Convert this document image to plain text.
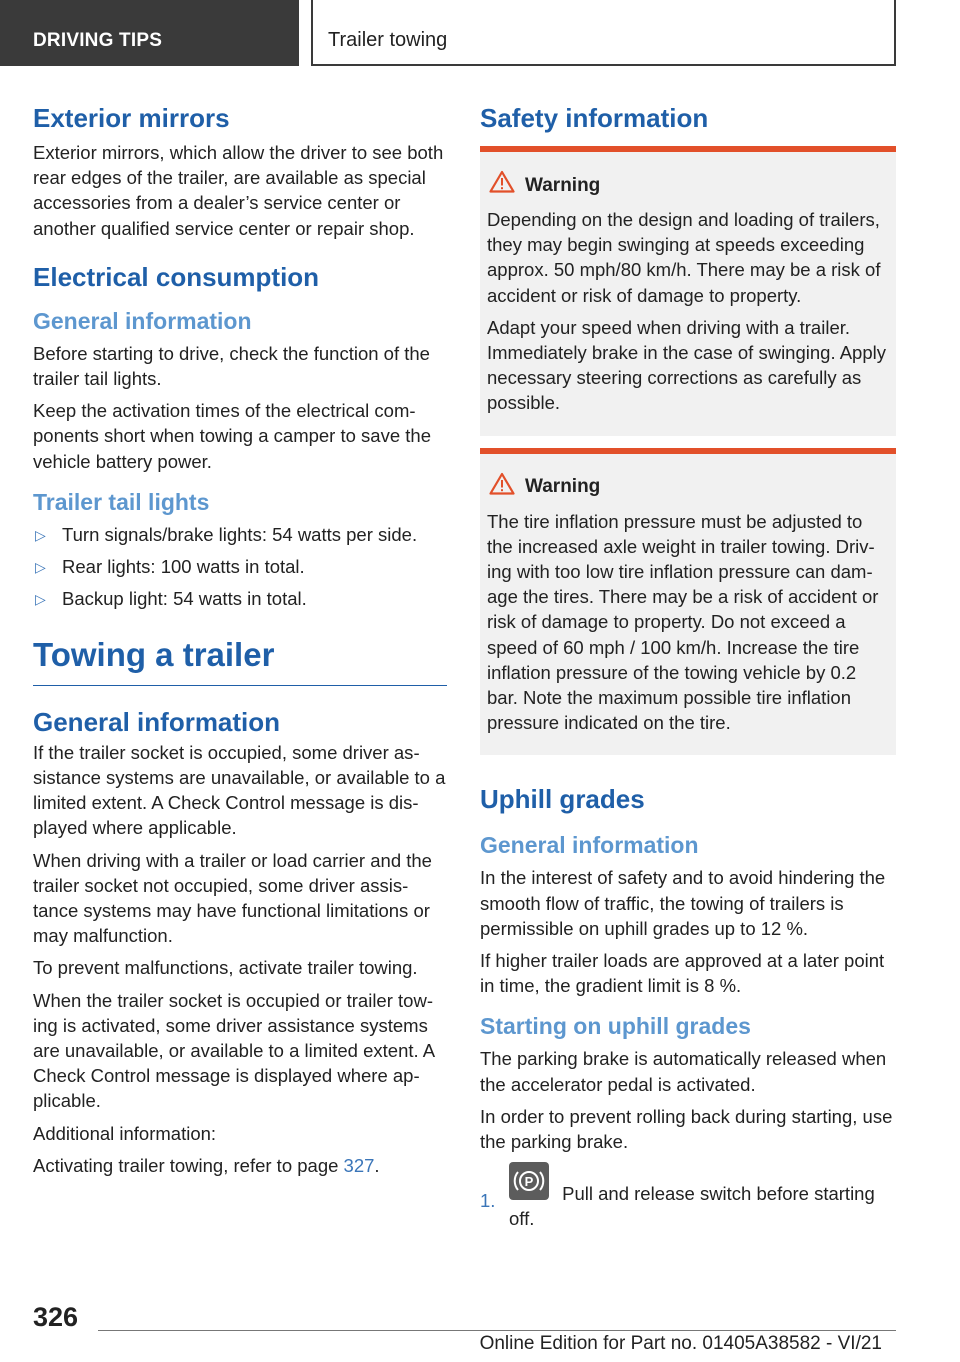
DRIVING TIPS	Trailer towing
Exterior mirrors

Exterior mirrors, which allow the driver to see both rear edges of the trailer, are available as special accessories from a dealer’s service center or another qualified service center or repair shop.

Electrical consumption
General information

Before starting to drive, check the function of the trailer tail lights.

Keep the activation times of the electrical components short when towing a camper to save the vehicle battery power.

Trailer tail lights
▷ Turn signals/brake lights: 54 watts per side.
▷ Rear lights: 100 watts in total.
▷ Backup light: 54 watts in total.
Towing a trailer
General information

If the trailer socket is occupied, some driver assistance systems are unavailable, or available to a limited extent. A Check Control message is displayed where applicable.

When driving with a trailer or load carrier and the trailer socket not occupied, some driver assistance systems may have functional limitations or may malfunction.

To prevent malfunctions, activate trailer towing.

When the trailer socket is occupied or trailer towing is activated, some driver assistance systems are unavailable, or available to a limited extent. A Check Control message is displayed where applicable.

Additional information:

Activating trailer towing, refer to page 327.

Safety information
Warning

Depending on the design and loading of trailers, they may begin swinging at speeds exceeding approx. 50 mph/80 km/h. There may be a risk of accident or risk of damage to property.

Adapt your speed when driving with a trailer. Immediately brake in the case of swinging. Apply necessary steering corrections as carefully as possible.

Warning

The tire inflation pressure must be adjusted to the increased axle weight in trailer towing. Driving with too low tire inflation pressure can damage the tires. There may be a risk of accident or risk of damage to property. Do not exceed a speed of 60 mph / 100 km/h. Increase the tire inflation pressure of the towing vehicle by 0.2 bar. Note the maximum possible tire inflation pressure indicated on the tire.

Uphill grades
General information

In the interest of safety and to avoid hindering the smooth flow of traffic, the towing of trailers is permissible on uphill grades up to 12 %.

If higher trailer loads are approved at a later point in time, the gradient limit is 8 %.

Starting on uphill grades

The parking brake is automatically released when the accelerator pedal is activated.

In order to prevent rolling back during starting, use the parking brake.

1.
P
Pull and release switch before starting off.
326
Online Edition for Part no. 01405A38582 - VI/21
